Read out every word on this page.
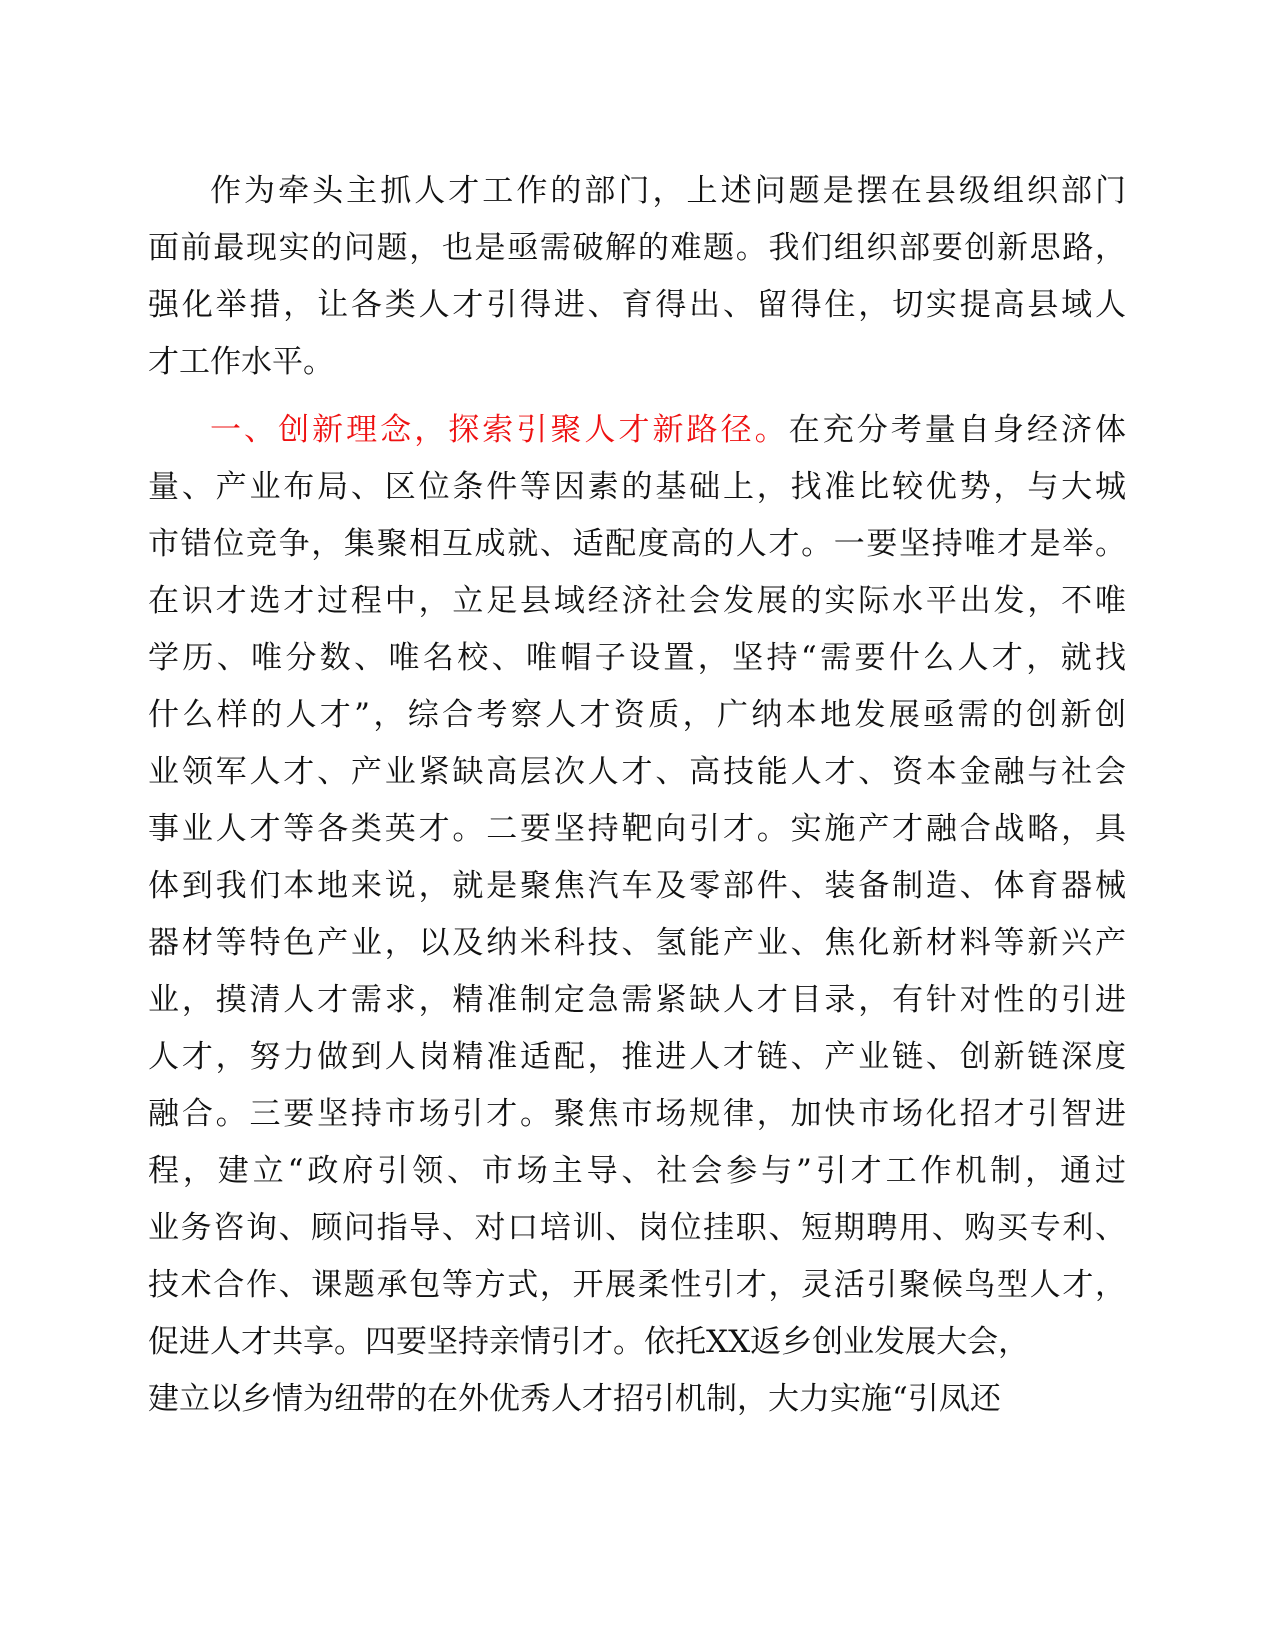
作为牵头主抓人才工作的部门，上述问题是摆在县级组织部门
面前最现实的问题，也是亟需破解的难题。我们组织部要创新思路，
强化举措，让各类人才引得进、育得出、留得住，切实提高县域人
才工作水平。
一、创新理念，探索引聚人才新路径。在充分考量自身经济体
量、产业布局、区位条件等因素的基础上，找准比较优势，与大城
市错位竞争，集聚相互成就、适配度高的人才。一要坚持唯才是举。
在识才选才过程中，立足县域经济社会发展的实际水平出发，不唯
学历、唯分数、唯名校、唯帽子设置，坚持“需要什么人才，就找
什么样的人才”，综合考察人才资质，广纳本地发展亟需的创新创
业领军人才、产业紧缺高层次人才、高技能人才、资本金融与社会
事业人才等各类英才。二要坚持靶向引才。实施产才融合战略，具
体到我们本地来说，就是聚焦汽车及零部件、装备制造、体育器械
器材等特色产业，以及纳米科技、氢能产业、焦化新材料等新兴产
业，摸清人才需求，精准制定急需紧缺人才目录，有针对性的引进
人才，努力做到人岗精准适配，推进人才链、产业链、创新链深度
融合。三要坚持市场引才。聚焦市场规律，加快市场化招才引智进
程，建立“政府引领、市场主导、社会参与”引才工作机制，通过
业务咨询、顾问指导、对口培训、岗位挂职、短期聘用、购买专利、
技术合作、课题承包等方式，开展柔性引才，灵活引聚候鸟型人才，
促进人才共享。四要坚持亲情引才。依托XX返乡创业发展大会，
建立以乡情为纽带的在外优秀人才招引机制，大力实施“引凤还
